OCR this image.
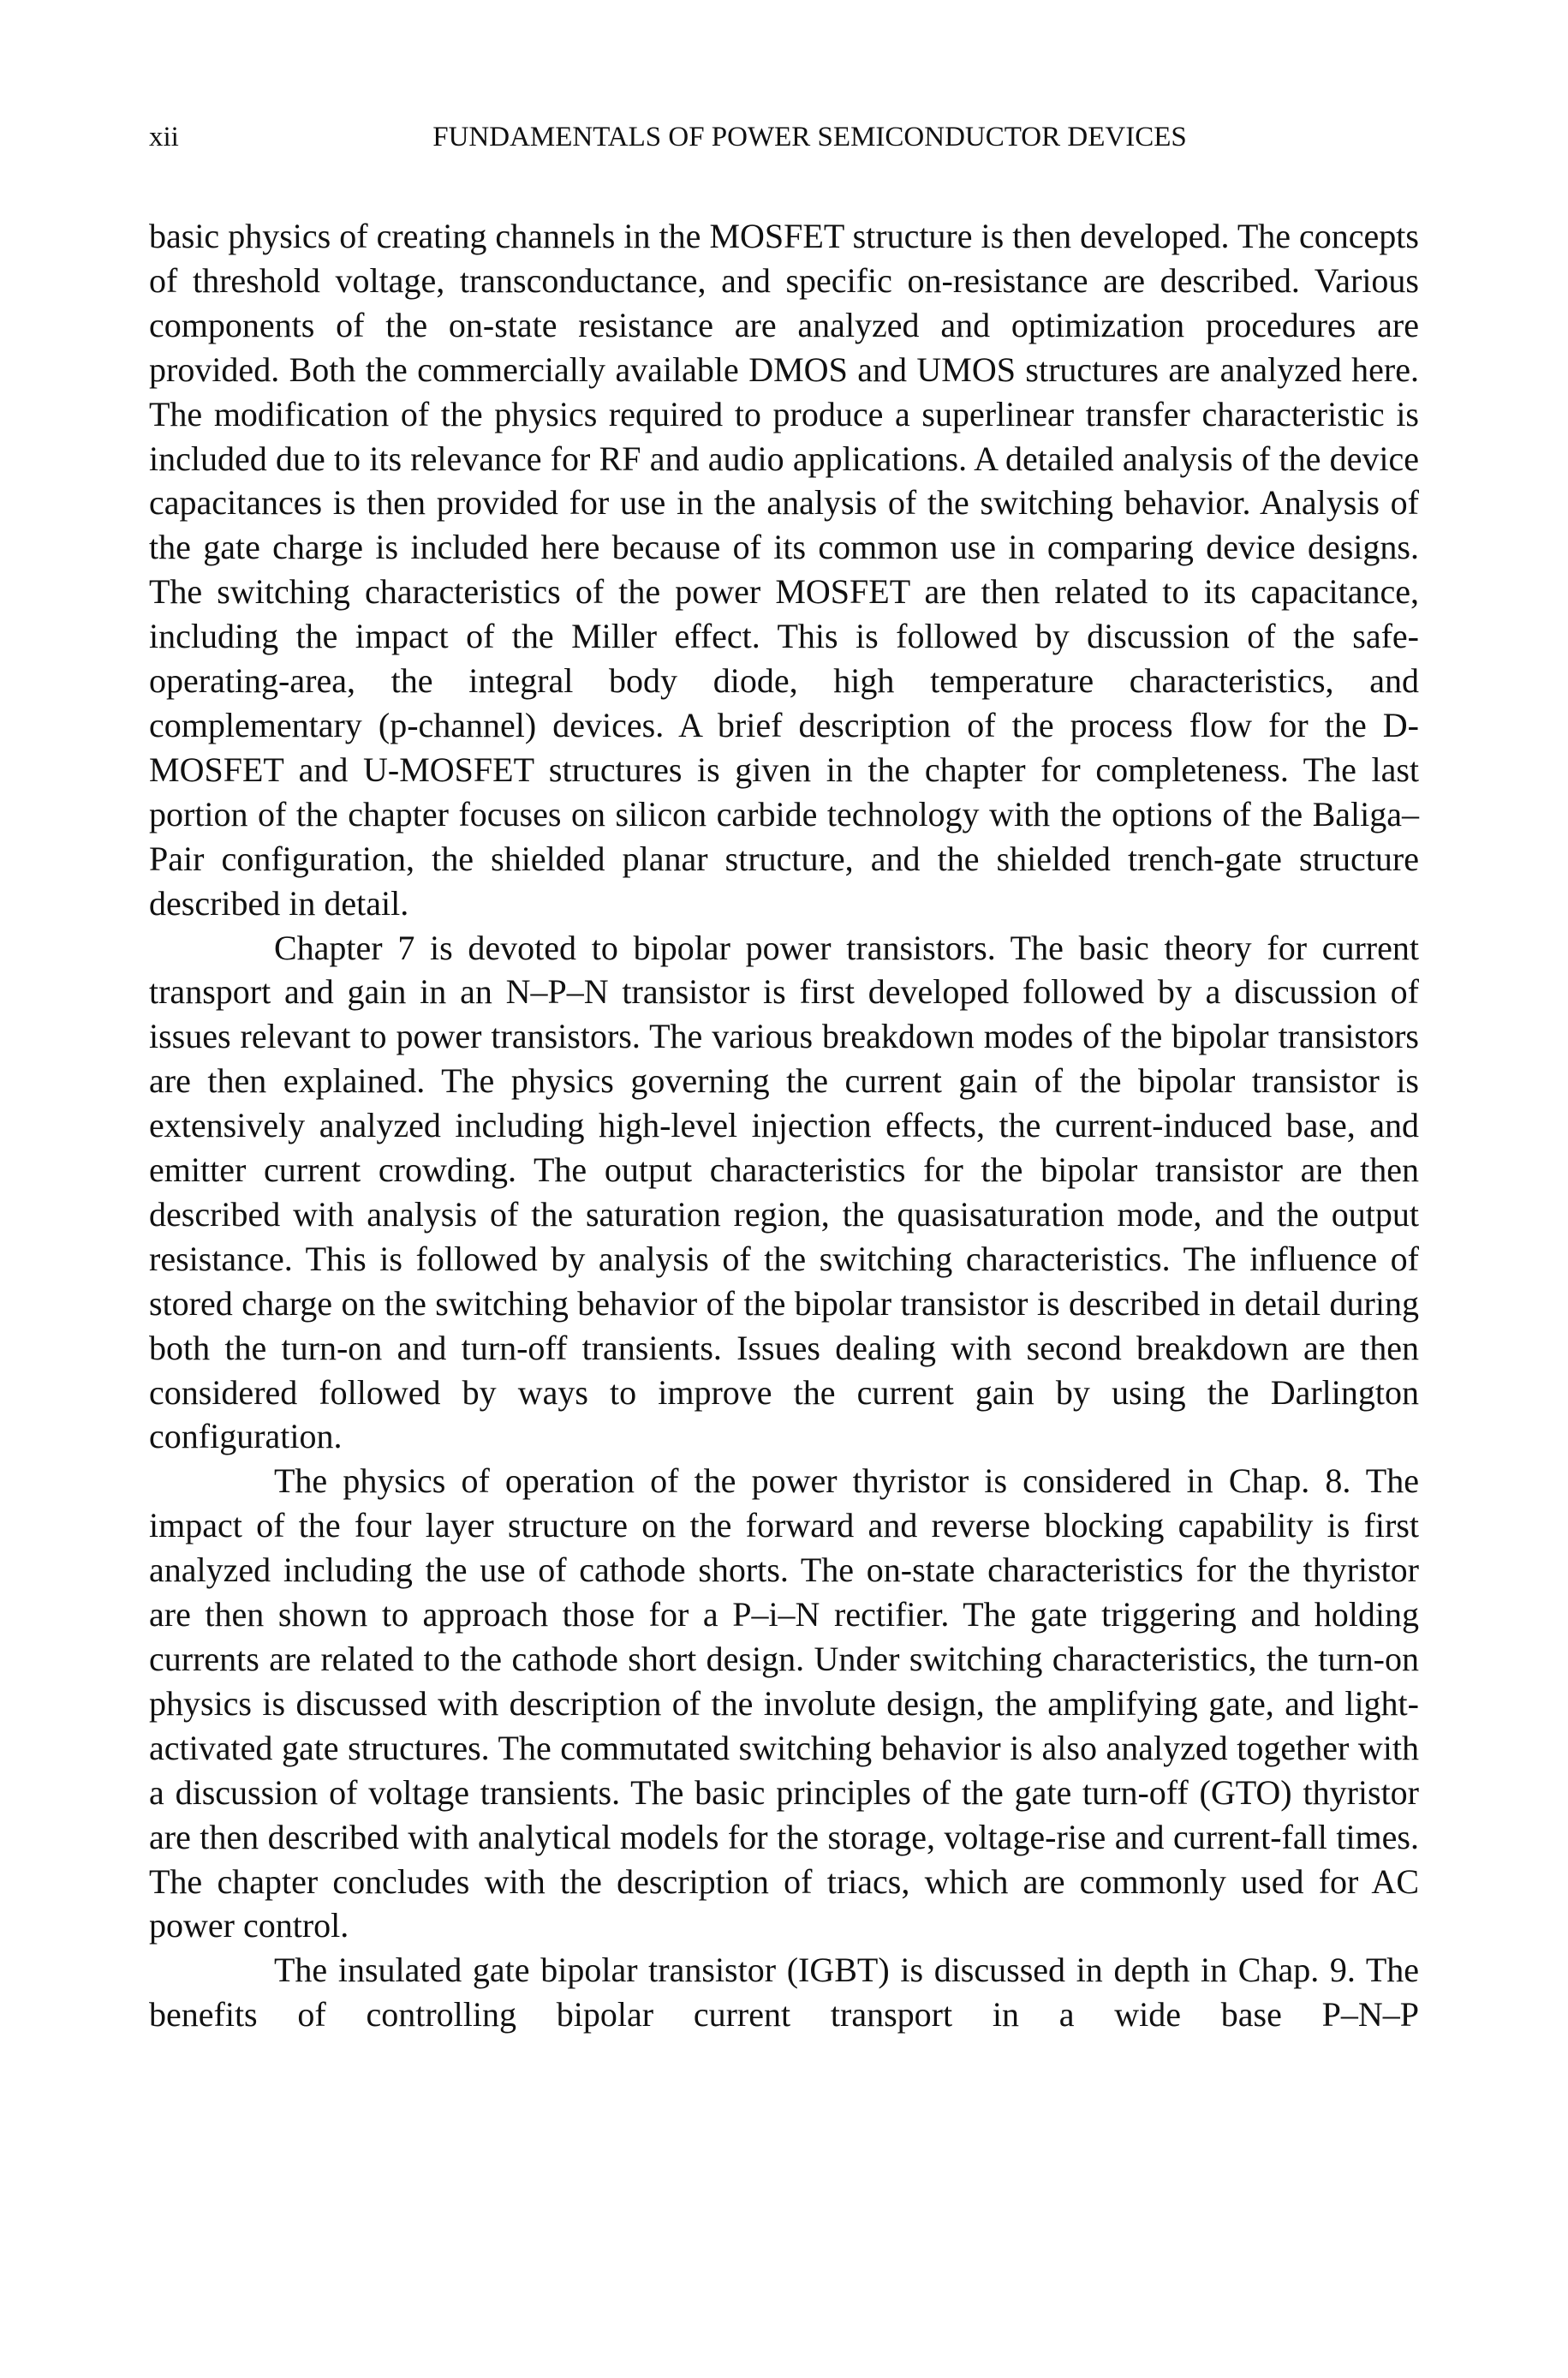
xii	FUNDAMENTALS OF POWER SEMICONDUCTOR DEVICES

basic physics of creating channels in the MOSFET structure is then developed. The concepts of threshold voltage, transconductance, and specific on-resistance are described. Various components of the on-state resistance are analyzed and optimization procedures are provided. Both the commercially available DMOS and UMOS structures are analyzed here. The modification of the physics required to produce a superlinear transfer characteristic is included due to its relevance for RF and audio applications. A detailed analysis of the device capacitances is then provided for use in the analysis of the switching behavior. Analysis of the gate charge is included here because of its common use in comparing device designs. The switching characteristics of the power MOSFET are then related to its capacitance, including the impact of the Miller effect. This is followed by discussion of the safe-operating-area, the integral body diode, high temperature characteristics, and complementary (p-channel) devices. A brief description of the process flow for the D-MOSFET and U-MOSFET structures is given in the chapter for completeness. The last portion of the chapter focuses on silicon carbide technology with the options of the Baliga–Pair configuration, the shielded planar structure, and the shielded trench-gate structure described in detail.

Chapter 7 is devoted to bipolar power transistors. The basic theory for current transport and gain in an N–P–N transistor is first developed followed by a discussion of issues relevant to power transistors. The various breakdown modes of the bipolar transistors are then explained. The physics governing the current gain of the bipolar transistor is extensively analyzed including high-level injection effects, the current-induced base, and emitter current crowding. The output characteristics for the bipolar transistor are then described with analysis of the saturation region, the quasisaturation mode, and the output resistance. This is followed by analysis of the switching characteristics. The influence of stored charge on the switching behavior of the bipolar transistor is described in detail during both the turn-on and turn-off transients. Issues dealing with second breakdown are then considered followed by ways to improve the current gain by using the Darlington configuration.

The physics of operation of the power thyristor is considered in Chap. 8. The impact of the four layer structure on the forward and reverse blocking capability is first analyzed including the use of cathode shorts. The on-state characteristics for the thyristor are then shown to approach those for a P–i–N rectifier. The gate triggering and holding currents are related to the cathode short design. Under switching characteristics, the turn-on physics is discussed with description of the involute design, the amplifying gate, and light-activated gate structures. The commutated switching behavior is also analyzed together with a discussion of voltage transients. The basic principles of the gate turn-off (GTO) thyristor are then described with analytical models for the storage, voltage-rise and current-fall times. The chapter concludes with the description of triacs, which are commonly used for AC power control.

The insulated gate bipolar transistor (IGBT) is discussed in depth in Chap. 9. The benefits of controlling bipolar current transport in a wide base P–N–P
